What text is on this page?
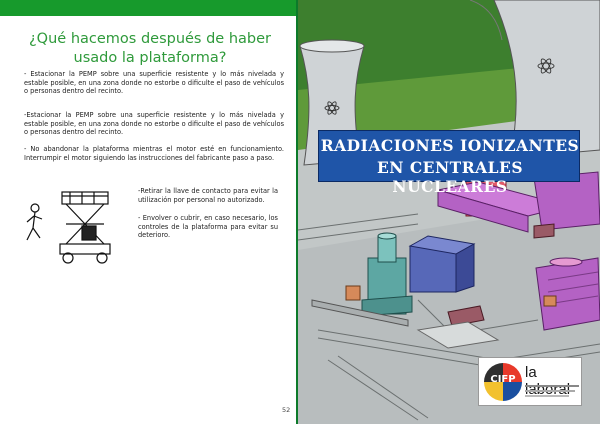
¿Qué hacemos después de haber usado la plataforma?

- Estacionar la PEMP sobre una superficie resistente y lo más nivelada y estable posible, en una zona donde no estorbe o dificulte el paso de vehículos o personas dentro del recinto.

-Estacionar la PEMP sobre una superficie resistente y lo más nivelada y estable posible, en una zona donde no estorbe o dificulte el paso de vehículos o personas dentro del recinto.

- No abandonar la plataforma mientras el motor esté en funcionamiento. Interrumpir el motor siguiendo las instrucciones del fabricante paso a paso.

-Retirar la llave de contacto para evitar la utilización por personal no autorizado.

- Envolver o cubrir, en caso necesario, los controles de la plataforma para evitar su deterioro.

52
RADIACIONES IONIZANTES
EN CENTRALES NUCLEARES
CIFP la
